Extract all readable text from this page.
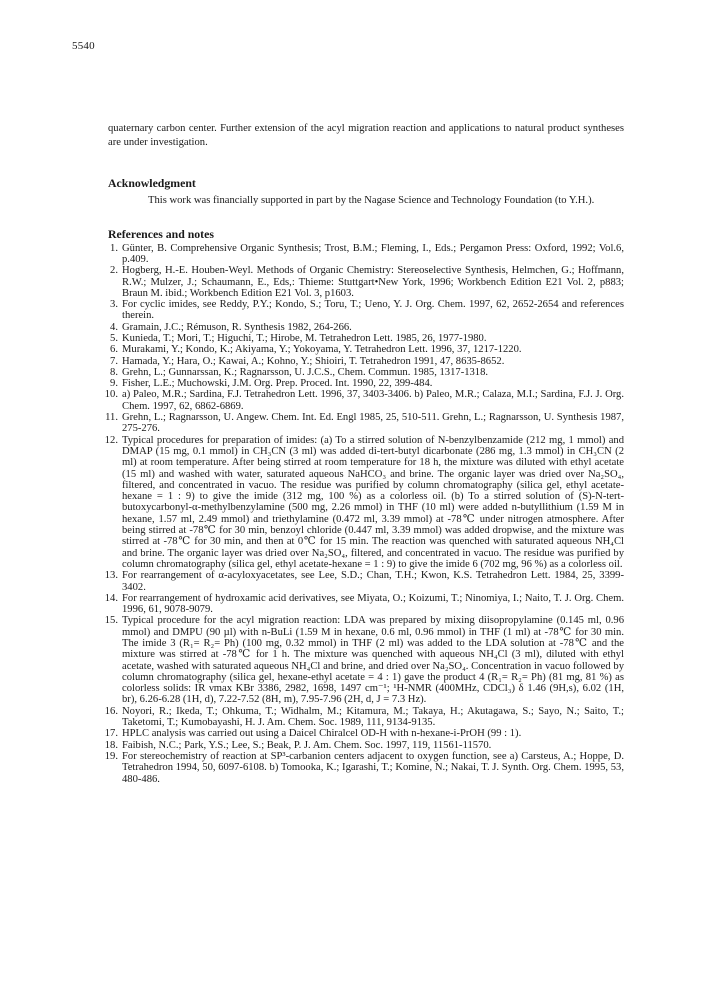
5540

quaternary carbon center. Further extension of the acyl migration reaction and applications to natural product syntheses are under investigation.

Acknowledgment

This work was financially supported in part by the Nagase Science and Technology Foundation (to Y.H.).

References and notes
1. Günter, B. Comprehensive Organic Synthesis; Trost, B.M.; Fleming, I., Eds.; Pergamon Press: Oxford, 1992; Vol.6, p.409.
2. Hogberg, H.-E. Houben-Weyl. Methods of Organic Chemistry: Stereoselective Synthesis, Helmchen, G.; Hoffmann, R.W.; Mulzer, J.; Schaumann, E., Eds,: Thieme: Stuttgart•New York, 1996; Workbench Edition E21 Vol. 2, p883; Braun M. ibid.; Workbench Edition E21 Vol. 3, p1603.
3. For cyclic imides, see Reddy, P.Y.; Kondo, S.; Toru, T.; Ueno, Y. J. Org. Chem. 1997, 62, 2652-2654 and references therein.
4. Gramain, J.C.; Rémuson, R. Synthesis 1982, 264-266.
5. Kunieda, T.; Mori, T.; Higuchi, T.; Hirobe, M. Tetrahedron Lett. 1985, 26, 1977-1980.
6. Murakami, Y.; Kondo, K.; Akiyama, Y.; Yokoyama, Y. Tetrahedron Lett. 1996, 37, 1217-1220.
7. Hamada, Y.; Hara, O.; Kawai, A.; Kohno, Y.; Shioiri, T. Tetrahedron 1991, 47, 8635-8652.
8. Grehn, L.; Gunnarssan, K.; Ragnarsson, U. J.C.S., Chem. Commun. 1985, 1317-1318.
9. Fisher, L.E.; Muchowski, J.M. Org. Prep. Proced. Int. 1990, 22, 399-484.
10. a) Paleo, M.R.; Sardina, F.J. Tetrahedron Lett. 1996, 37, 3403-3406. b) Paleo, M.R.; Calaza, M.I.; Sardina, F.J. J. Org. Chem. 1997, 62, 6862-6869.
11. Grehn, L.; Ragnarsson, U. Angew. Chem. Int. Ed. Engl 1985, 25, 510-511. Grehn, L.; Ragnarsson, U. Synthesis 1987, 275-276.
12. Typical procedures for preparation of imides: (a) To a stirred solution of N-benzylbenzamide (212 mg, 1 mmol) and DMAP (15 mg, 0.1 mmol) in CH₃CN (3 ml) was added di-tert-butyl dicarbonate (286 mg, 1.3 mmol) in CH₃CN (2 ml) at room temperature. After being stirred at room temperature for 18 h, the mixture was diluted with ethyl acetate (15 ml) and washed with water, saturated aqueous NaHCO₃ and brine. The organic layer was dried over Na₂SO₄, filtered, and concentrated in vacuo. The residue was purified by column chromatography (silica gel, ethyl acetate-hexane = 1 : 9) to give the imide (312 mg, 100 %) as a colorless oil. (b) To a stirred solution of (S)-N-tert-butoxycarbonyl-α-methylbenzylamine (500 mg, 2.26 mmol) in THF (10 ml) were added n-butyllithium (1.59 M in hexane, 1.57 ml, 2.49 mmol) and triethylamine (0.472 ml, 3.39 mmol) at -78℃ under nitrogen atmosphere. After being stirred at -78℃ for 30 min, benzoyl chloride (0.447 ml, 3.39 mmol) was added dropwise, and the mixture was stirred at -78℃ for 30 min, and then at 0℃ for 15 min. The reaction was quenched with saturated aqueous NH₄Cl and brine. The organic layer was dried over Na₂SO₄, filtered, and concentrated in vacuo. The residue was purified by column chromatography (silica gel, ethyl acetate-hexane = 1 : 9) to give the imide 6 (702 mg, 96 %) as a colorless oil.
13. For rearrangement of α-acyloxyacetates, see Lee, S.D.; Chan, T.H.; Kwon, K.S. Tetrahedron Lett. 1984, 25, 3399-3402.
14. For rearrangement of hydroxamic acid derivatives, see Miyata, O.; Koizumi, T.; Ninomiya, I.; Naito, T. J. Org. Chem. 1996, 61, 9078-9079.
15. Typical procedure for the acyl migration reaction: LDA was prepared by mixing diisopropylamine (0.145 ml, 0.96 mmol) and DMPU (90 µl) with n-BuLi (1.59 M in hexane, 0.6 ml, 0.96 mmol) in THF (1 ml) at -78℃ for 30 min. The imide 3 (R₁= R₂= Ph) (100 mg, 0.32 mmol) in THF (2 ml) was added to the LDA solution at -78℃ and the mixture was stirred at -78℃ for 1 h. The mixture was quenched with aqueous NH₄Cl (3 ml), diluted with ethyl acetate, washed with saturated aqueous NH₄Cl and brine, and dried over Na₂SO₄. Concentration in vacuo followed by column chromatography (silica gel, hexane-ethyl acetate = 4 : 1) gave the product 4 (R₁= R₂= Ph) (81 mg, 81 %) as colorless solids: IR νmax KBr 3386, 2982, 1698, 1497 cm⁻¹; ¹H-NMR (400MHz, CDCl₃) δ 1.46 (9H,s), 6.02 (1H, br), 6.26-6.28 (1H, d), 7.22-7.52 (8H, m), 7.95-7.96 (2H, d, J = 7.3 Hz).
16. Noyori, R.; Ikeda, T.; Ohkuma, T.; Widhalm, M.; Kitamura, M.; Takaya, H.; Akutagawa, S.; Sayo, N.; Saito, T.; Taketomi, T.; Kumobayashi, H. J. Am. Chem. Soc. 1989, 111, 9134-9135.
17. HPLC analysis was carried out using a Daicel Chiralcel OD-H with n-hexane-i-PrOH (99 : 1).
18. Faibish, N.C.; Park, Y.S.; Lee, S.; Beak, P. J. Am. Chem. Soc. 1997, 119, 11561-11570.
19. For stereochemistry of reaction at SP³-carbanion centers adjacent to oxygen function, see a) Carsteus, A.; Hoppe, D. Tetrahedron 1994, 50, 6097-6108. b) Tomooka, K.; Igarashi, T.; Komine, N.; Nakai, T. J. Synth. Org. Chem. 1995, 53, 480-486.
